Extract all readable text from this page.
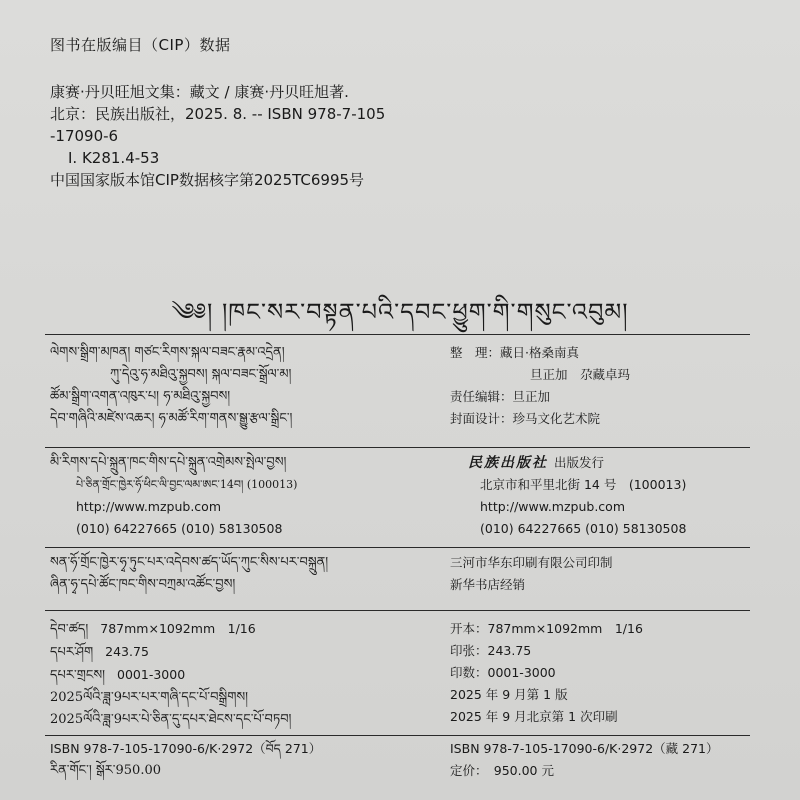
图书在版编目（CIP）数据
康赛·丹贝旺旭文集：藏文 / 康赛·丹贝旺旭著.
北京：民族出版社，2025. 8. -- ISBN 978-7-105
-17090-6
I. K281.4-53
中国国家版本馆CIP数据核字第2025TC6995号
༄༅། །ཁང་སར་བསྟན་པའི་དབང་ཕྱུག་གི་གསུང་འབུམ།
ལེགས་སྒྲིག་མཁན། གཙང་རིགས་སྐལ་བཟང་རྣམ་འདྲེན།
ཀུ་དེའུ་ཧ་མཐིའུ་སྐྱབས། སྐལ་བཟང་སྒྲོལ་མ།
ཚོམ་སྒྲིག་འགན་འཁུར་པ། ཧ་མཐིའུ་སྐྱབས།
དེབ་གཞིའི་མཛེས་འཆར། ཧ་མཚོ་རིག་གནས་སྒྱུ་རྩལ་སྒྲིང་།
整　理：藏日·格桑南真
旦正加　尕藏卓玛
责任编辑：旦正加
封面设计：珍马文化艺术院
མི་རིགས་དཔེ་སྐྲུན་ཁང་གིས་དཔེ་སྐྲུན་འགྲེམས་སྤེལ་བྱས།
པེ་ཅིན་གྲོང་ཁྱེར་ཧོ་ཕིང་ལི་བྱང་ལམ་ཨང་14བ། (100013)
http://www.mzpub.com
(010) 64227665 (010) 58130508
民族出版社 出版发行
北京市和平里北街 14 号　(100013)
http://www.mzpub.com
(010) 64227665 (010) 58130508
སན་ཧོ་གྲོང་ཁྱེར་ཧྭ་ཏུང་པར་འདེབས་ཚད་ཡོད་ཀུང་སིས་པར་བསྐྲུན།
ཞིན་ཧྭ་དཔེ་ཚོང་ཁང་གིས་བཀྲམ་འཚོང་བྱས།
三河市华东印刷有限公司印制
新华书店经销
དེབ་ཚད། 787mm×1092mm　1/16
དཔར་ཤོག 243.75
དཔར་གྲངས། 0001-3000
2025ལོའི་ཟླ་9པར་པར་གཞི་དང་པོ་བསྒྲིགས།
2025ལོའི་ཟླ་9པར་པེ་ཅིན་དུ་དཔར་ཐེངས་དང་པོ་བཏབ།
开本：787mm×1092mm　1/16
印张：243.75
印数：0001-3000
2025 年 9 月第 1 版
2025 年 9 月北京第 1 次印刷
ISBN 978-7-105-17090-6/K·2972（བོད 271）
རིན་གོང་། སྒོར་950.00
ISBN 978-7-105-17090-6/K·2972（藏 271）
定价：　950.00 元
